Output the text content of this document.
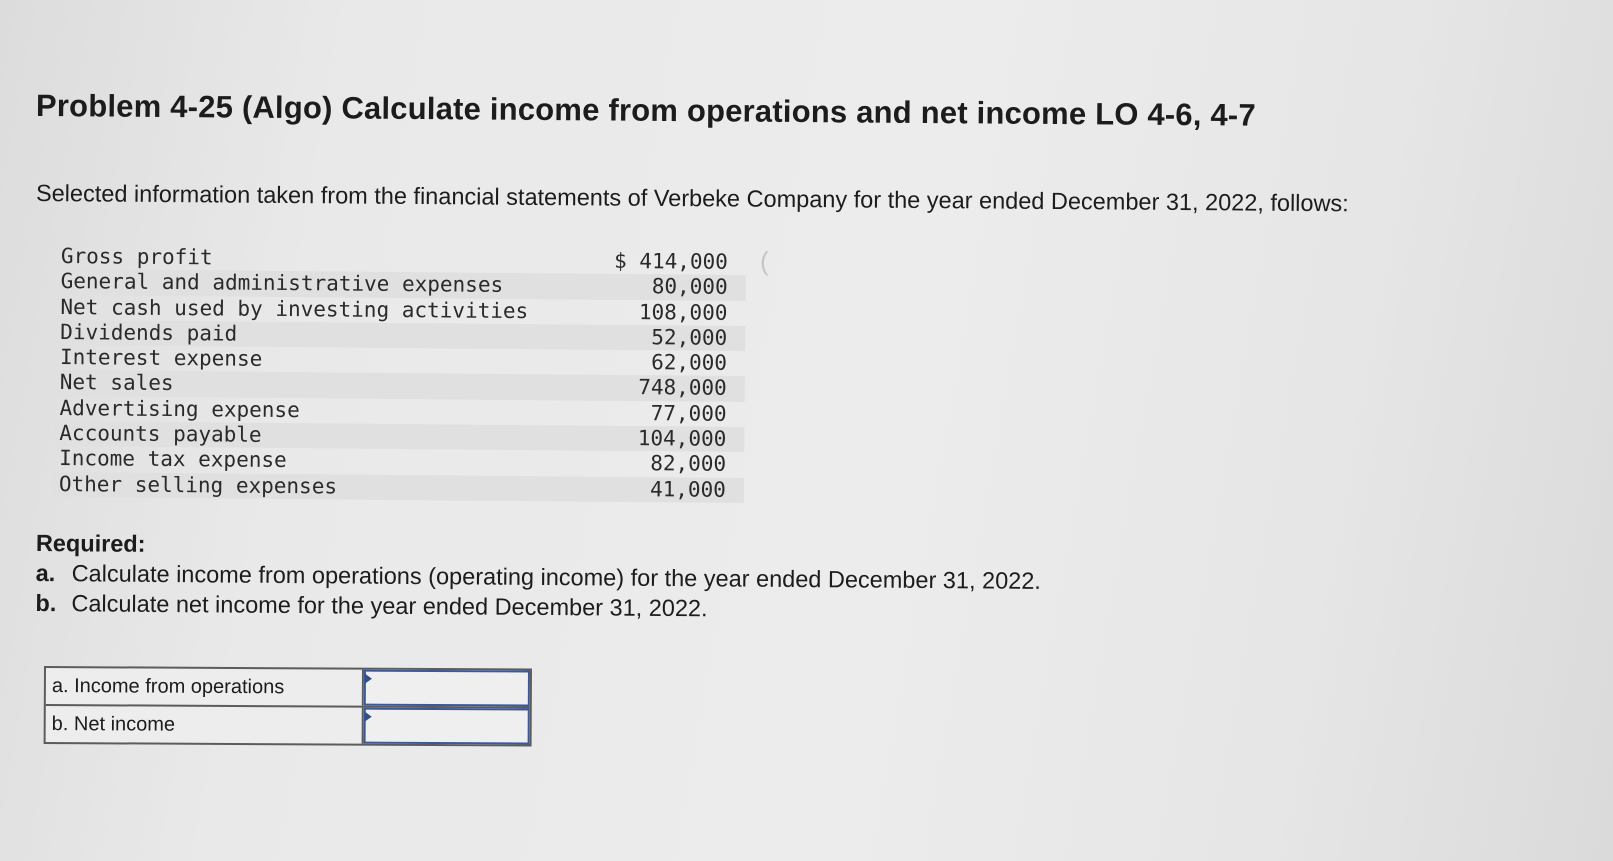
Problem 4-25 (Algo) Calculate income from operations and net income LO 4-6, 4-7
Selected information taken from the financial statements of Verbeke Company for the year ended December 31, 2022, follows:
(
Gross profit	$ 414,000
General and administrative expenses	80,000
Net cash used by investing activities	108,000
Dividends paid	52,000
Interest expense	62,000
Net sales	748,000
Advertising expense	77,000
Accounts payable	104,000
Income tax expense	82,000
Other selling expenses	41,000
Required:
a. Calculate income from operations (operating income) for the year ended December 31, 2022.
b. Calculate net income for the year ended December 31, 2022.
a. Income from operations
b. Net income
